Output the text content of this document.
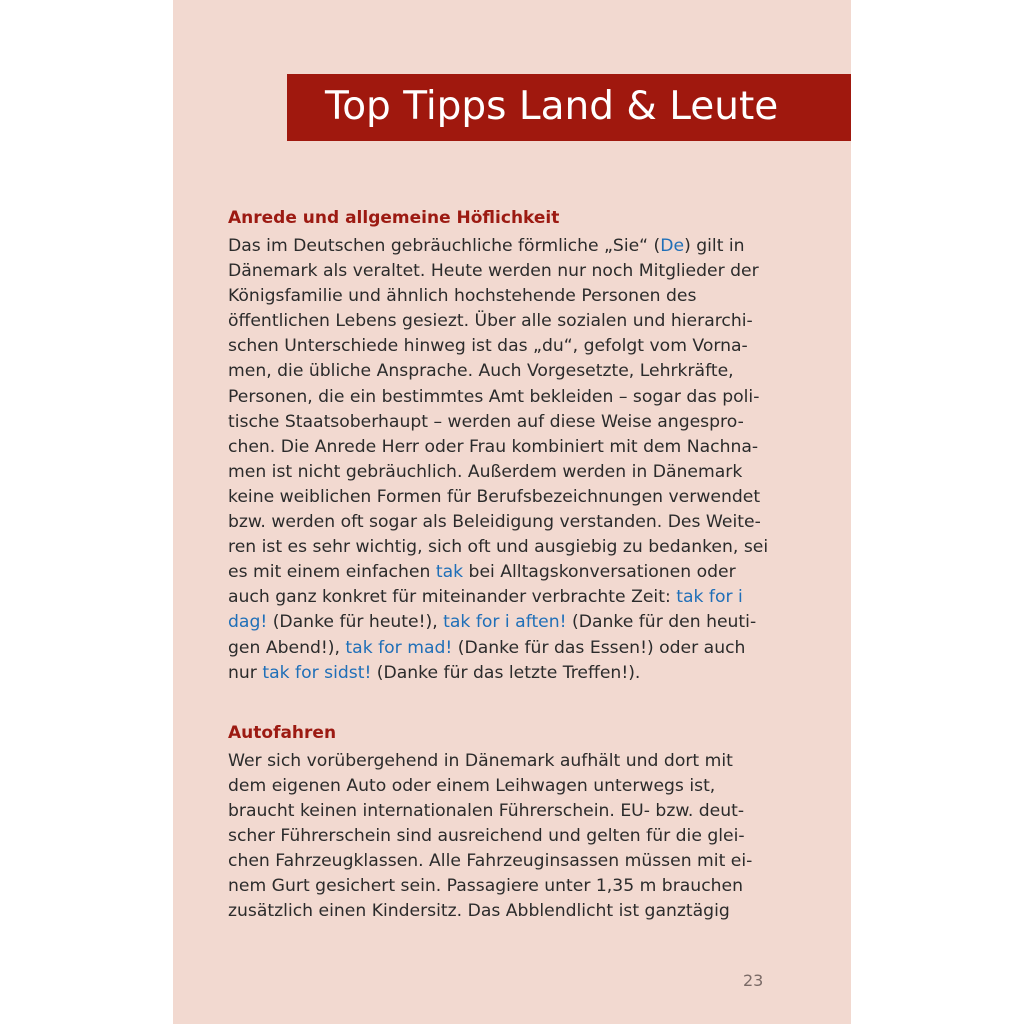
Top Tipps Land & Leute
Anrede und allgemeine Höflichkeit
Das im Deutschen gebräuchliche förmliche „Sie“ (De) gilt in
Dänemark als veraltet. Heute werden nur noch Mitglieder der
Königsfamilie und ähnlich hochstehende Personen des
öffentlichen Lebens gesiezt. Über alle sozialen und hierarchi-
schen Unterschiede hinweg ist das „du“, gefolgt vom Vorna-
men, die übliche Ansprache. Auch Vorgesetzte, Lehrkräfte,
Personen, die ein bestimmtes Amt bekleiden – sogar das poli-
tische Staatsoberhaupt – werden auf diese Weise angespro-
chen. Die Anrede Herr oder Frau kombiniert mit dem Nachna-
men ist nicht gebräuchlich. Außerdem werden in Dänemark
keine weiblichen Formen für Berufsbezeichnungen verwendet
bzw. werden oft sogar als Beleidigung verstanden. Des Weite-
ren ist es sehr wichtig, sich oft und ausgiebig zu bedanken, sei
es mit einem einfachen tak bei Alltagskonversationen oder
auch ganz konkret für miteinander verbrachte Zeit: tak for i
dag! (Danke für heute!), tak for i aften! (Danke für den heuti-
gen Abend!), tak for mad! (Danke für das Essen!) oder auch
nur tak for sidst! (Danke für das letzte Treffen!).
Autofahren
Wer sich vorübergehend in Dänemark aufhält und dort mit
dem eigenen Auto oder einem Leihwagen unterwegs ist,
braucht keinen internationalen Führerschein. EU- bzw. deut-
scher Führerschein sind ausreichend und gelten für die glei-
chen Fahrzeugklassen. Alle Fahrzeuginsassen müssen mit ei-
nem Gurt gesichert sein. Passagiere unter 1,35 m brauchen
zusätzlich einen Kindersitz. Das Abblendlicht ist ganztägig
23
